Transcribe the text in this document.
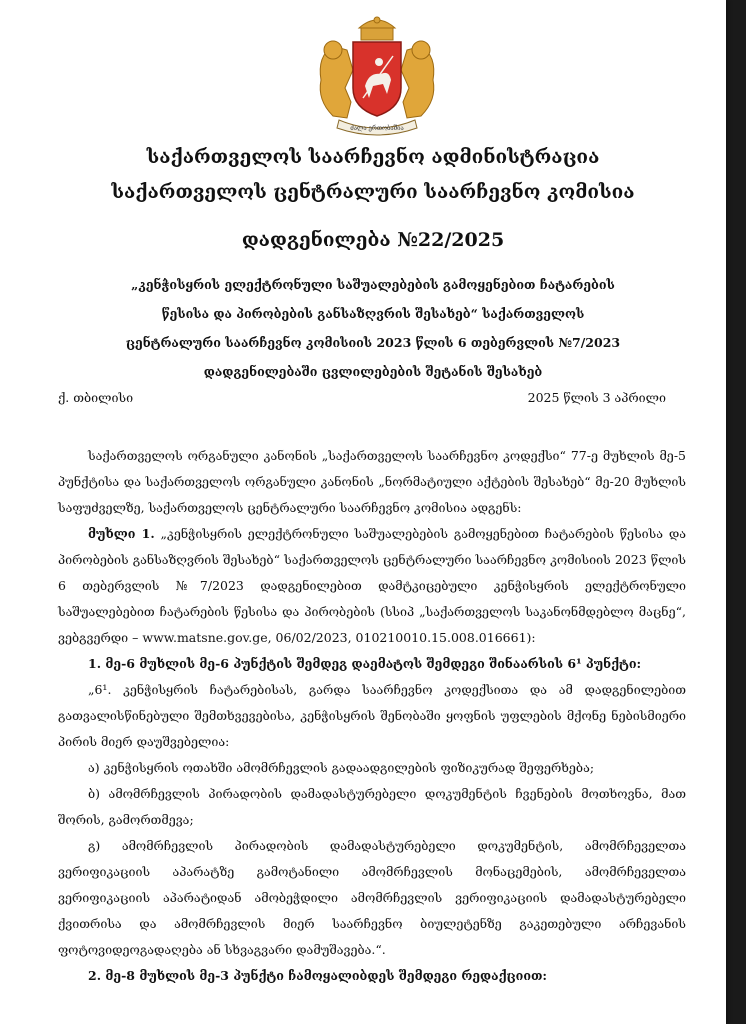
ძალა ერთობაშია
საქართველოს საარჩევნო ადმინისტრაცია
საქართველოს ცენტრალური საარჩევნო კომისია
დადგენილება №22/2025
„კენჭისყრის ელექტრონული საშუალებების გამოყენებით ჩატარების წესისა და პირობების განსაზღვრის შესახებ“ საქართველოს ცენტრალური საარჩევნო კომისიის 2023 წლის 6 თებერვლის №7/2023 დადგენილებაში ცვლილებების შეტანის შესახებ
ქ. თბილისი	2025 წლის 3 აპრილი

საქართველოს ორგანული კანონის „საქართველოს საარჩევნო კოდექსი“ 77-ე მუხლის მე-5 პუნქტისა და საქართველოს ორგანული კანონის „ნორმატიული აქტების შესახებ“ მე-20 მუხლის საფუძველზე, საქართველოს ცენტრალური საარჩევნო კომისია ადგენს:

მუხლი 1. „კენჭისყრის ელექტრონული საშუალებების გამოყენებით ჩატარების წესისა და პირობების განსაზღვრის შესახებ“ საქართველოს ცენტრალური საარჩევნო კომისიის 2023 წლის 6 თებერვლის №7/2023 დადგენილებით დამტკიცებული კენჭისყრის ელექტრონული საშუალებებით ჩატარების წესისა და პირობების (სსიპ „საქართველოს საკანონმდებლო მაცნე“, ვებგვერდი – www.matsne.gov.ge, 06/02/2023, 010210010.15.008.016661):

1. მე-6 მუხლის მე-6 პუნქტის შემდეგ დაემატოს შემდეგი შინაარსის 6¹ პუნქტი:

„6¹. კენჭისყრის ჩატარებისას, გარდა საარჩევნო კოდექსითა და ამ დადგენილებით გათვალისწინებული შემთხვევებისა, კენჭისყრის შენობაში ყოფნის უფლების მქონე ნებისმიერი პირის მიერ დაუშვებელია:

ა) კენჭისყრის ოთახში ამომრჩევლის გადაადგილების ფიზიკურად შეფერხება;

ბ) ამომრჩევლის პირადობის დამადასტურებელი დოკუმენტის ჩვენების მოთხოვნა, მათ შორის, გამორთმევა;

გ) ამომრჩევლის პირადობის დამადასტურებელი დოკუმენტის, ამომრჩეველთა ვერიფიკაციის აპარატზე გამოტანილი ამომრჩევლის მონაცემების, ამომრჩეველთა ვერიფიკაციის აპარატიდან ამობეჭდილი ამომრჩევლის ვერიფიკაციის დამადასტურებელი ქვითრისა და ამომრჩევლის მიერ საარჩევნო ბიულეტენზე გაკეთებული არჩევანის ფოტოვიდეოგადაღება ან სხვაგვარი დამუშავება.“.

2. მე-8 მუხლის მე-3 პუნქტი ჩამოყალიბდეს შემდეგი რედაქციით:
